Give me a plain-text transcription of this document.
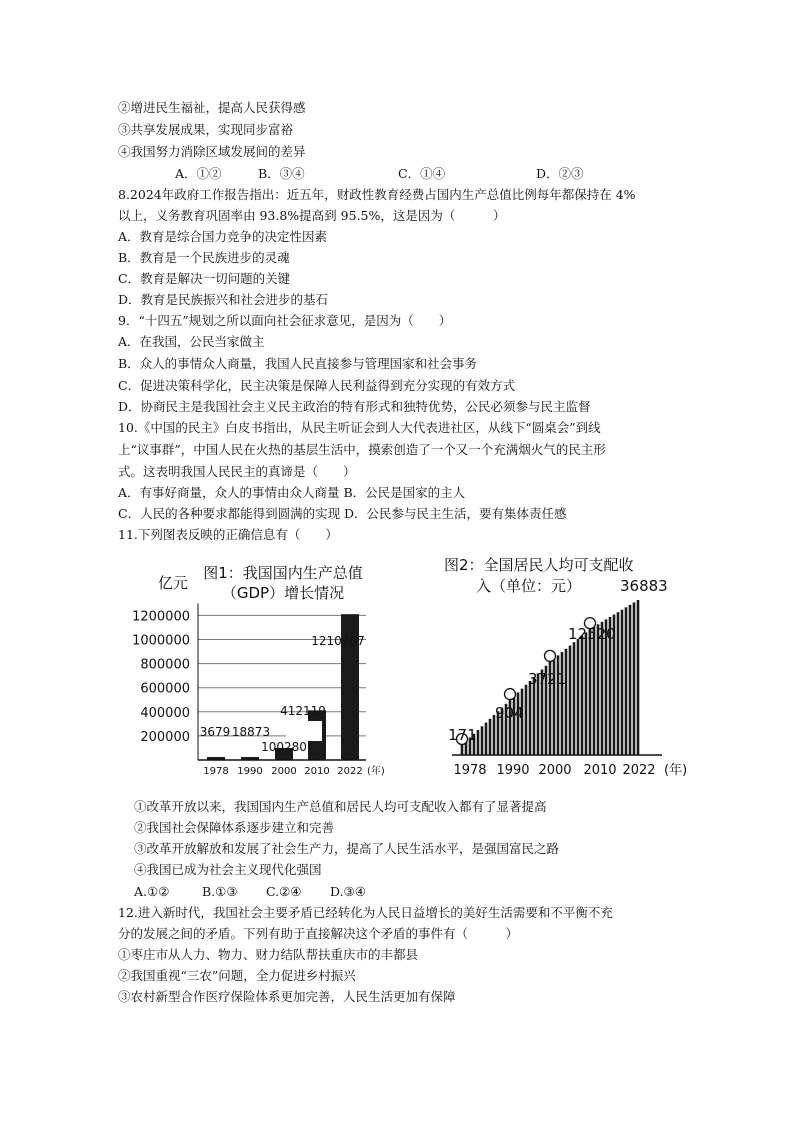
②增进民生福祉，提高人民获得感
③共享发展成果，实现同步富裕
④我国努力消除区域发展间的差异
A．①②	B．③④	C．①④	D．②③
8.2024年政府工作报告指出：近五年，财政性教育经费占国内生产总值比例每年都保持在 4%
以上，义务教育巩固率由 93.8%提高到 95.5%，这是因为（　　　）
A．教育是综合国力竞争的决定性因素
B．教育是一个民族进步的灵魂
C．教育是解决一切问题的关键
D．教育是民族振兴和社会进步的基石
9．“十四五”规划之所以面向社会征求意见，是因为（　　）
A．在我国，公民当家做主
B．众人的事情众人商量，我国人民直接参与管理国家和社会事务
C．促进决策科学化，民主决策是保障人民利益得到充分实现的有效方式
D．协商民主是我国社会主义民主政治的特有形式和独特优势，公民必须参与民主监督
10.《中国的民主》白皮书指出，从民主听证会到人大代表进社区，从线下“圆桌会”到线
上“议事群”，中国人民在火热的基层生活中，摸索创造了一个又一个充满烟火气的民主形
式。这表明我国人民民主的真谛是（　　）
A．有事好商量，众人的事情由众人商量 B．公民是国家的主人
C．人民的各种要求都能得到圆满的实现 D．公民参与民主生活，要有集体责任感
11.下列图表反映的正确信息有（　　）
图1：我国国内生产总值
（GDP）增长情况
亿元
(年)
1200000
1000000
800000
600000
400000
200000 3679 18873
100280
412119
1210207
1978 1990 2000 2010 2022
图2：全国居民人均可支配收
入（单位：元）
(年)
171
904
3721
12520
36883
1978 1990 2000 2010 2022
①改革开放以来，我国国内生产总值和居民人均可支配收入都有了显著提高
②我国社会保障体系逐步建立和完善
③改革开放解放和发展了社会生产力，提高了人民生活水平，是强国富民之路
④我国已成为社会主义现代化强国
A.①②	B.①③ C.②④ D.③④
12.进入新时代，我国社会主要矛盾已经转化为人民日益增长的美好生活需要和不平衡不充
分的发展之间的矛盾。下列有助于直接解决这个矛盾的事件有（　　　）
①枣庄市从人力、物力、财力结队帮扶重庆市的丰都县
②我国重视“三农”问题，全力促进乡村振兴
③农村新型合作医疗保险体系更加完善，人民生活更加有保障
